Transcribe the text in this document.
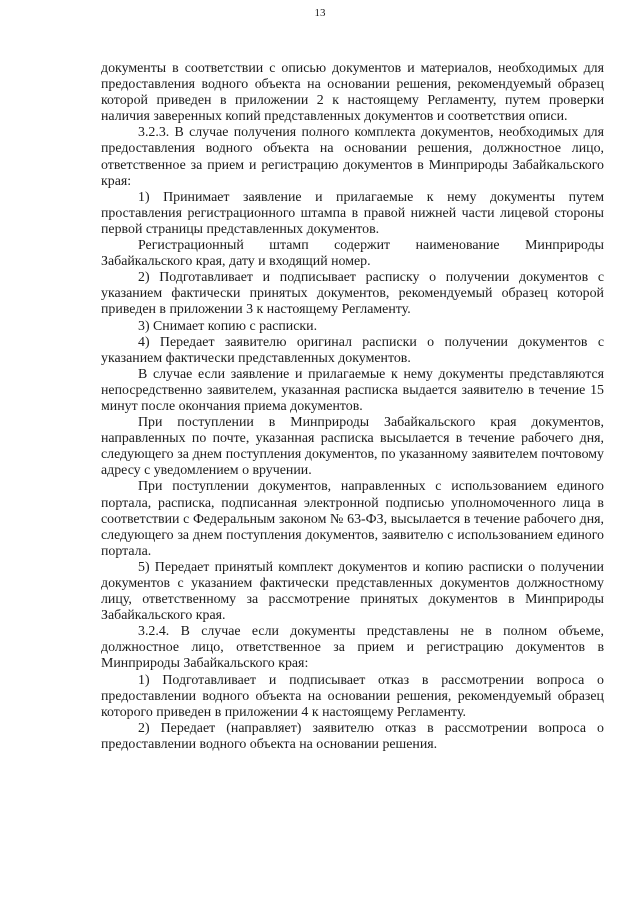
13

документы в соответствии с описью документов и материалов, необходимых для предоставления водного объекта на основании решения, рекомендуемый образец которой приведен в приложении 2 к настоящему Регламенту, путем проверки наличия заверенных копий представленных документов и соответствия описи.

3.2.3. В случае получения полного комплекта документов, необходимых для предоставления водного объекта на основании решения, должностное лицо, ответственное за прием и регистрацию документов в Минприроды Забайкальского края:

1) Принимает заявление и прилагаемые к нему документы путем проставления регистрационного штампа в правой нижней части лицевой стороны первой страницы представленных документов.

Регистрационный штамп содержит наименование Минприроды Забайкальского края, дату и входящий номер.

2) Подготавливает и подписывает расписку о получении документов с указанием фактически принятых документов, рекомендуемый образец которой приведен в приложении 3 к настоящему Регламенту.

3) Снимает копию с расписки.

4) Передает заявителю оригинал расписки о получении документов с указанием фактически представленных документов.

В случае если заявление и прилагаемые к нему документы представляются непосредственно заявителем, указанная расписка выдается заявителю в течение 15 минут после окончания приема документов.

При поступлении в Минприроды Забайкальского края документов, направленных по почте, указанная расписка высылается в течение рабочего дня, следующего за днем поступления документов, по указанному заявителем почтовому адресу с уведомлением о вручении.

При поступлении документов, направленных с использованием единого портала, расписка, подписанная электронной подписью уполномоченного лица в соответствии с Федеральным законом № 63-ФЗ, высылается в течение рабочего дня, следующего за днем поступления документов, заявителю с использованием единого портала.

5) Передает принятый комплект документов и копию расписки о получении документов с указанием фактически представленных документов должностному лицу, ответственному за рассмотрение принятых документов в Минприроды Забайкальского края.

3.2.4. В случае если документы представлены не в полном объеме, должностное лицо, ответственное за прием и регистрацию документов в Минприроды Забайкальского края:

1) Подготавливает и подписывает отказ в рассмотрении вопроса о предоставлении водного объекта на основании решения, рекомендуемый образец которого приведен в приложении 4 к настоящему Регламенту.

2) Передает (направляет) заявителю отказ в рассмотрении вопроса о предоставлении водного объекта на основании решения.
